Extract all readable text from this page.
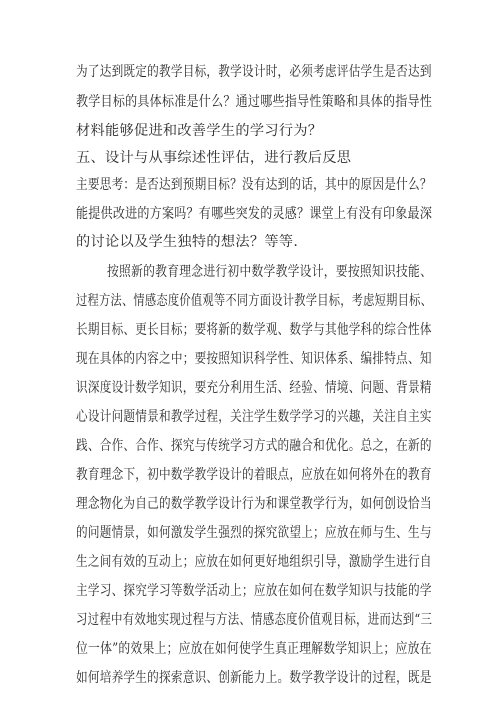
为了达到既定的教学目标，教学设计时，必须考虑评估学生是否达到
教学目标的具体标准是什么？通过哪些指导性策略和具体的指导性
材料能够促进和改善学生的学习行为？
五、设计与从事综述性评估，进行教后反思
主要思考：是否达到预期目标？没有达到的话，其中的原因是什么？
能提供改进的方案吗？有哪些突发的灵感？课堂上有没有印象最深
的讨论以及学生独特的想法？等等.
按照新的教育理念进行初中数学教学设计，要按照知识技能、
过程方法、情感态度价值观等不同方面设计教学目标，考虑短期目标、
长期目标、更长目标；要将新的数学观、数学与其他学科的综合性体
现在具体的内容之中；要按照知识科学性、知识体系、编排特点、知
识深度设计数学知识，要充分利用生活、经验、情境、问题、背景精
心设计问题情景和教学过程，关注学生数学学习的兴趣，关注自主实
践、合作、合作、探究与传统学习方式的融合和优化。总之，在新的
教育理念下，初中数学教学设计的着眼点，应放在如何将外在的教育
理念物化为自己的数学教学设计行为和课堂教学行为，如何创设恰当
的问题情景，如何激发学生强烈的探究欲望上；应放在师与生、生与
生之间有效的互动上；应放在如何更好地组织引导，激励学生进行自
主学习、探究学习等数学活动上；应放在如何在数学知识与技能的学
习过程中有效地实现过程与方法、情感态度价值观目标，进而达到“三
位一体”的效果上；应放在如何使学生真正理解数学知识上；应放在
如何培养学生的探索意识、创新能力上。数学教学设计的过程，既是
